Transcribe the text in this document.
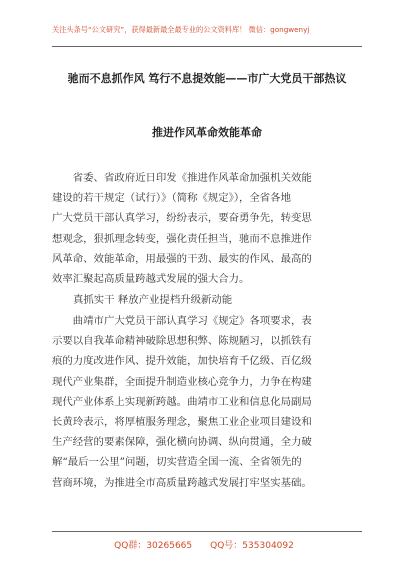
关注头条号“公文研究”，获得最新最全最专业的公文资料库！ 微信：gongwenyj
驰而不息抓作风 笃行不息提效能——市广大党员干部热议
推进作风革命效能革命
　　省委、省政府近日印发《推进作风革命加强机关效能
建设的若干规定（试行）》（简称《规定》），全省各地
广大党员干部认真学习，纷纷表示，要奋勇争先，转变思
想观念，狠抓理念转变，强化责任担当，驰而不息推进作
风革命、效能革命，用最强的干劲、最实的作风、最高的
效率汇聚起高质量跨越式发展的强大合力。
真抓实干 释放产业提档升级新动能
　　曲靖市广大党员干部认真学习《规定》各项要求，表
示要以自我革命精神破除思想积弊、陈规陋习，以抓铁有
痕的力度改进作风、提升效能，加快培育千亿级、百亿级
现代产业集群，全面提升制造业核心竞争力，力争在构建
现代产业体系上实现新跨越。曲靖市工业和信息化局副局
长黄玲表示，将厚植服务理念，聚焦工业企业项目建设和
生产经营的要素保障，强化横向协调、纵向贯通，全力破
解“最后一公里”问题，切实营造全国一流、全省领先的
营商环境，为推进全市高质量跨越式发展打牢坚实基础。
QQ群：30265665 QQ号：535304092
